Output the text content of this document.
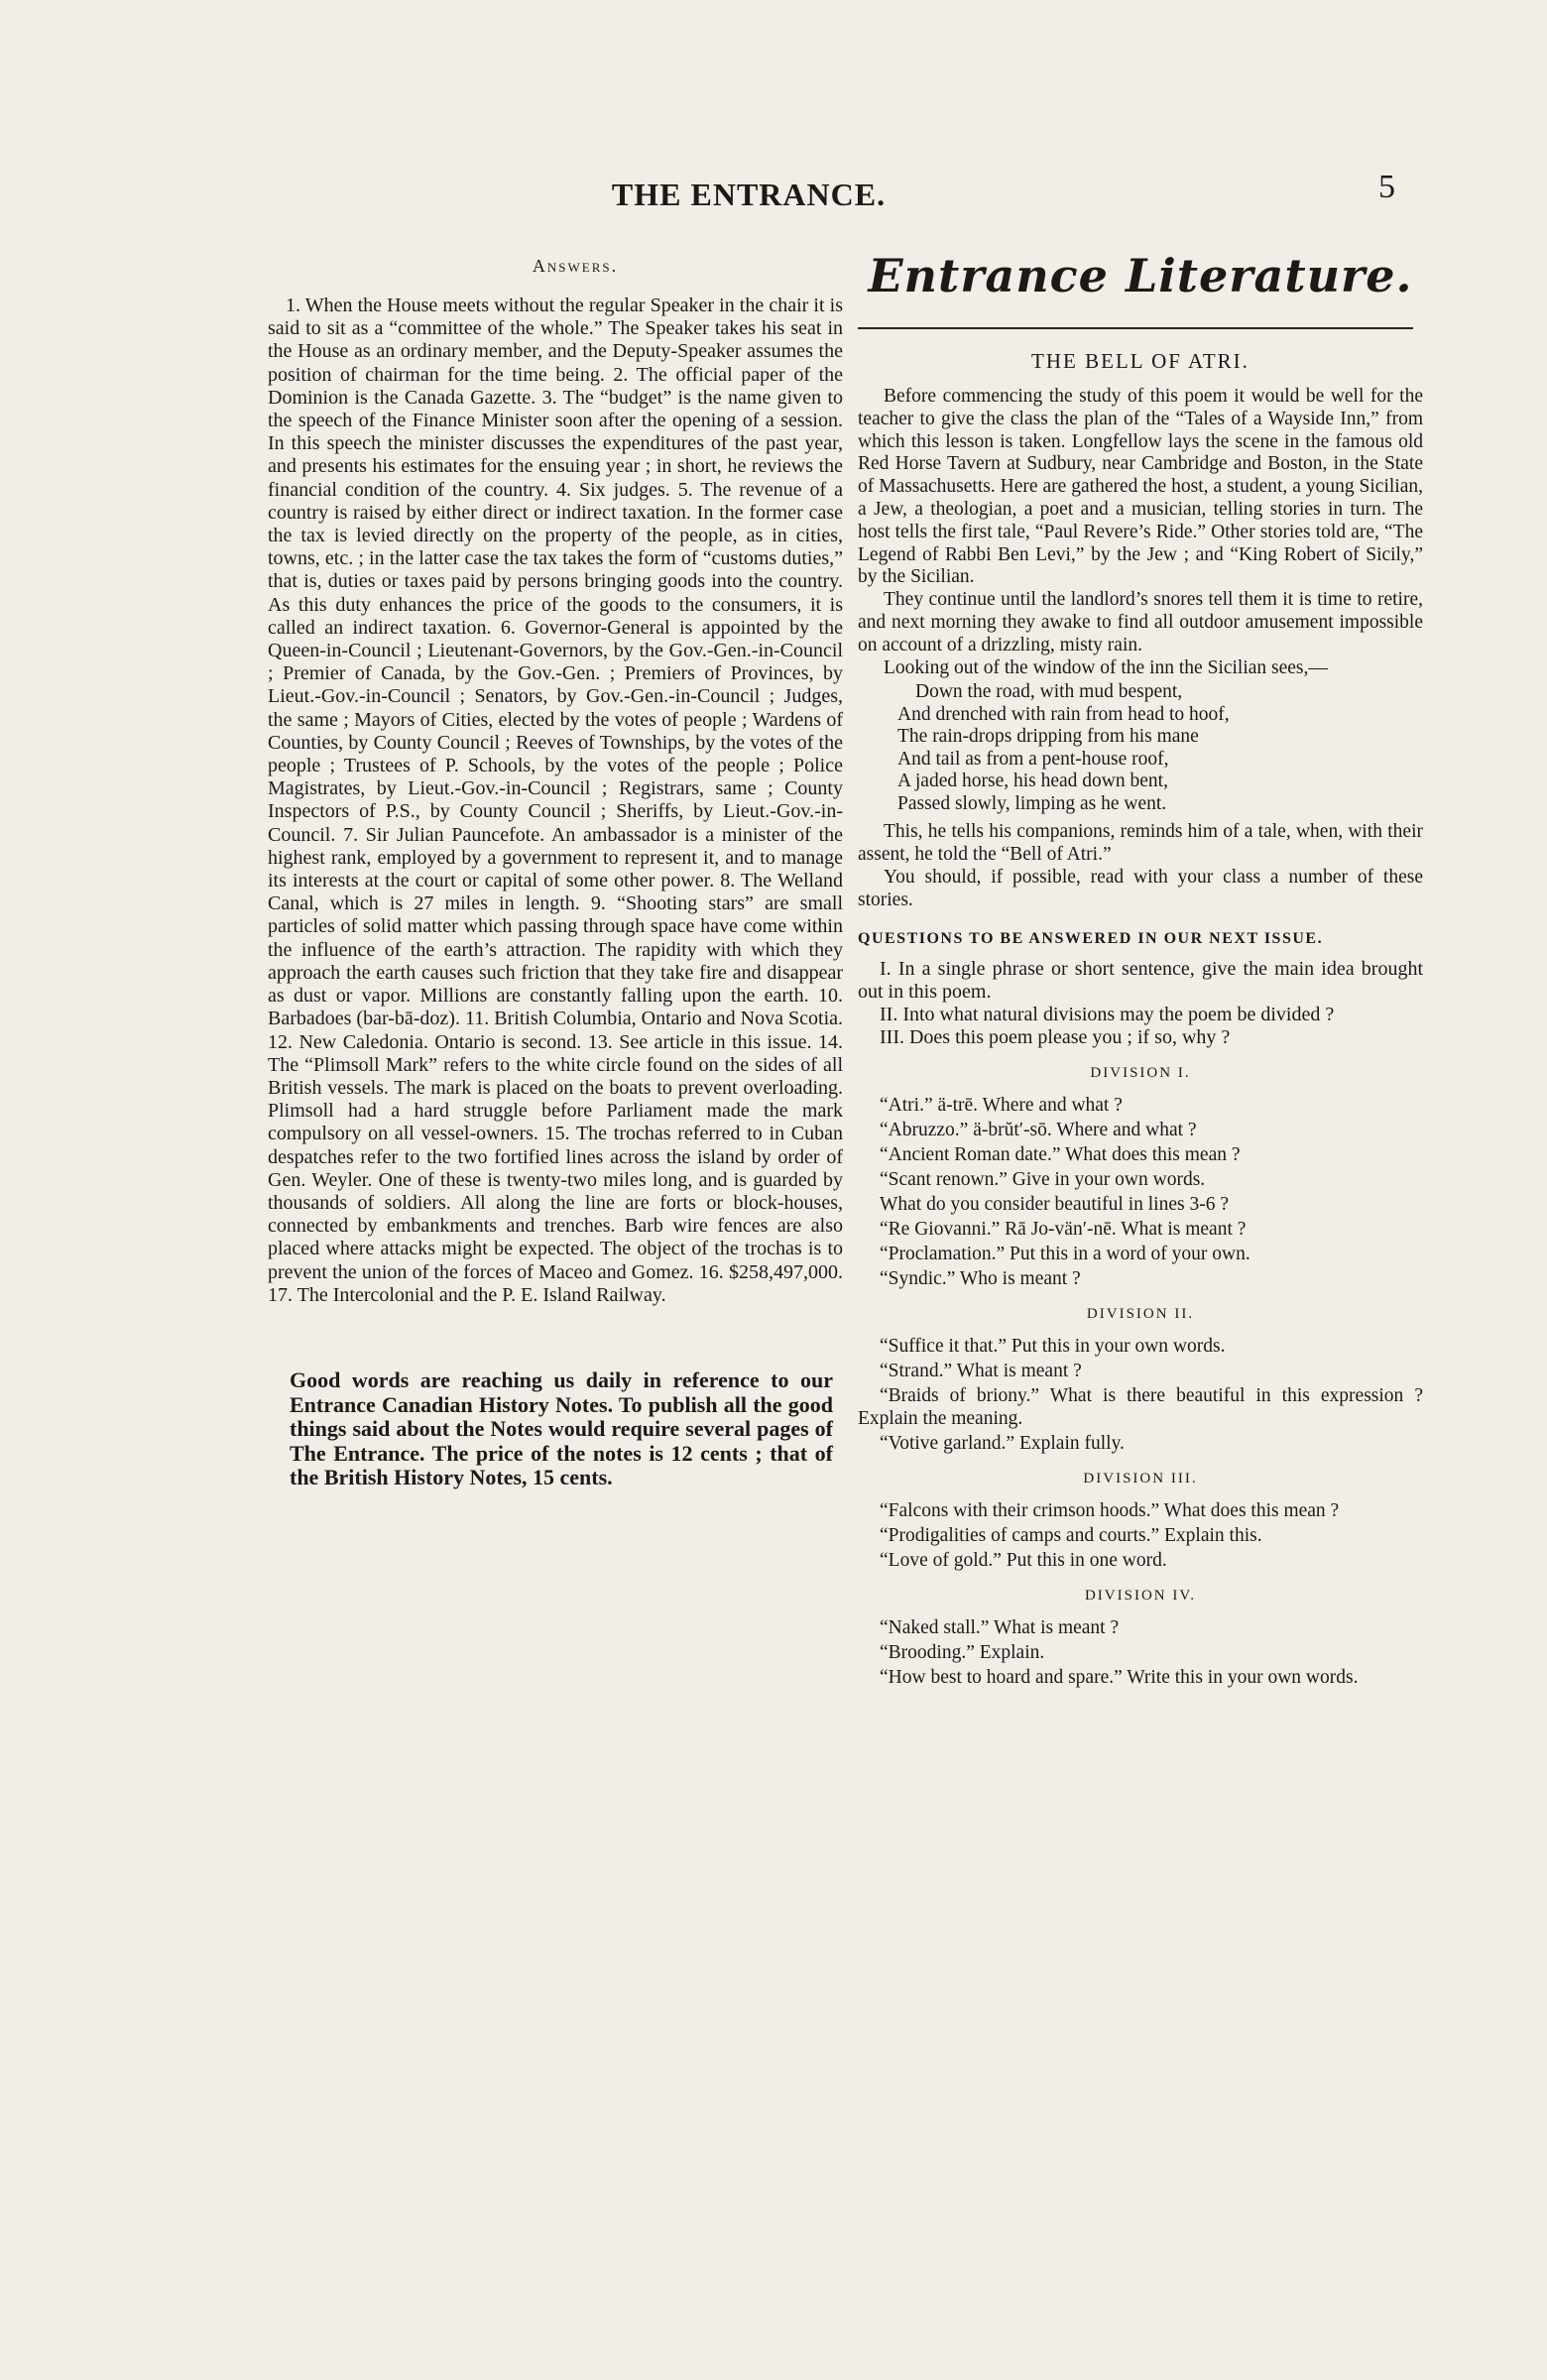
THE ENTRANCE.	5
Answers.

1. When the House meets without the regular Speaker in the chair it is said to sit as a “committee of the whole.” The Speaker takes his seat in the House as an ordinary member, and the Deputy-Speaker assumes the position of chairman for the time being. 2. The official paper of the Dominion is the Canada Gazette. 3. The “budget” is the name given to the speech of the Finance Minister soon after the opening of a session. In this speech the minister discusses the expenditures of the past year, and presents his estimates for the ensuing year ; in short, he reviews the financial condition of the country. 4. Six judges. 5. The revenue of a country is raised by either direct or indirect taxation. In the former case the tax is levied directly on the property of the people, as in cities, towns, etc. ; in the latter case the tax takes the form of “customs duties,” that is, duties or taxes paid by persons bringing goods into the country. As this duty enhances the price of the goods to the consumers, it is called an indirect taxation. 6. Governor-General is appointed by the Queen-in-Council ; Lieutenant-Governors, by the Gov.-Gen.-in-Council ; Premier of Canada, by the Gov.-Gen. ; Premiers of Provinces, by Lieut.-Gov.-in-Council ; Senators, by Gov.-Gen.-in-Council ; Judges, the same ; Mayors of Cities, elected by the votes of people ; Wardens of Counties, by County Council ; Reeves of Townships, by the votes of the people ; Trustees of P. Schools, by the votes of the people ; Police Magistrates, by Lieut.-Gov.-in-Council ; Registrars, same ; County Inspectors of P.S., by County Council ; Sheriffs, by Lieut.-Gov.-in-Council. 7. Sir Julian Pauncefote. An ambassador is a minister of the highest rank, employed by a government to represent it, and to manage its interests at the court or capital of some other power. 8. The Welland Canal, which is 27 miles in length. 9. “Shooting stars” are small particles of solid matter which passing through space have come within the influence of the earth’s attraction. The rapidity with which they approach the earth causes such friction that they take fire and disappear as dust or vapor. Millions are constantly falling upon the earth. 10. Barbadoes (bar-bā-doz). 11. British Columbia, Ontario and Nova Scotia. 12. New Caledonia. Ontario is second. 13. See article in this issue. 14. The “Plimsoll Mark” refers to the white circle found on the sides of all British vessels. The mark is placed on the boats to prevent overloading. Plimsoll had a hard struggle before Parliament made the mark compulsory on all vessel-owners. 15. The trochas referred to in Cuban despatches refer to the two fortified lines across the island by order of Gen. Weyler. One of these is twenty-two miles long, and is guarded by thousands of soldiers. All along the line are forts or block-houses, connected by embankments and trenches. Barb wire fences are also placed where attacks might be expected. The object of the trochas is to prevent the union of the forces of Maceo and Gomez. 16. $258,497,000. 17. The Intercolonial and the P. E. Island Railway.

Good words are reaching us daily in reference to our Entrance Canadian History Notes. To publish all the good things said about the Notes would require several pages of The Entrance. The price of the notes is 12 cents ; that of the British History Notes, 15 cents.
Entrance Literature.
THE BELL OF ATRI.

Before commencing the study of this poem it would be well for the teacher to give the class the plan of the “Tales of a Wayside Inn,” from which this lesson is taken. Longfellow lays the scene in the famous old Red Horse Tavern at Sudbury, near Cambridge and Boston, in the State of Massachusetts. Here are gathered the host, a student, a young Sicilian, a Jew, a theologian, a poet and a musician, telling stories in turn. The host tells the first tale, “Paul Revere’s Ride.” Other stories told are, “The Legend of Rabbi Ben Levi,” by the Jew ; and “King Robert of Sicily,” by the Sicilian.

They continue until the landlord’s snores tell them it is time to retire, and next morning they awake to find all outdoor amusement impossible on account of a drizzling, misty rain.

Looking out of the window of the inn the Sicilian sees,—

Down the road, with mud bespent,
And drenched with rain from head to hoof,
The rain-drops dripping from his mane
And tail as from a pent-house roof,
A jaded horse, his head down bent,
Passed slowly, limping as he went.

This, he tells his companions, reminds him of a tale, when, with their assent, he told the “Bell of Atri.”

You should, if possible, read with your class a number of these stories.

QUESTIONS TO BE ANSWERED IN OUR NEXT ISSUE.

I. In a single phrase or short sentence, give the main idea brought out in this poem.

II. Into what natural divisions may the poem be divided ?

III. Does this poem please you ; if so, why ?

DIVISION I.

“Atri.” ä-trē. Where and what ?

“Abruzzo.” ä-brŭt′-sō. Where and what ?

“Ancient Roman date.” What does this mean ?

“Scant renown.” Give in your own words.

What do you consider beautiful in lines 3-6 ?

“Re Giovanni.” Rā Jo-vän′-nē. What is meant ?

“Proclamation.” Put this in a word of your own.

“Syndic.” Who is meant ?

DIVISION II.

“Suffice it that.” Put this in your own words.

“Strand.” What is meant ?

“Braids of briony.” What is there beautiful in this expression ? Explain the meaning.

“Votive garland.” Explain fully.

DIVISION III.

“Falcons with their crimson hoods.” What does this mean ?

“Prodigalities of camps and courts.” Explain this.

“Love of gold.” Put this in one word.

DIVISION IV.

“Naked stall.” What is meant ?

“Brooding.” Explain.

“How best to hoard and spare.” Write this in your own words.
